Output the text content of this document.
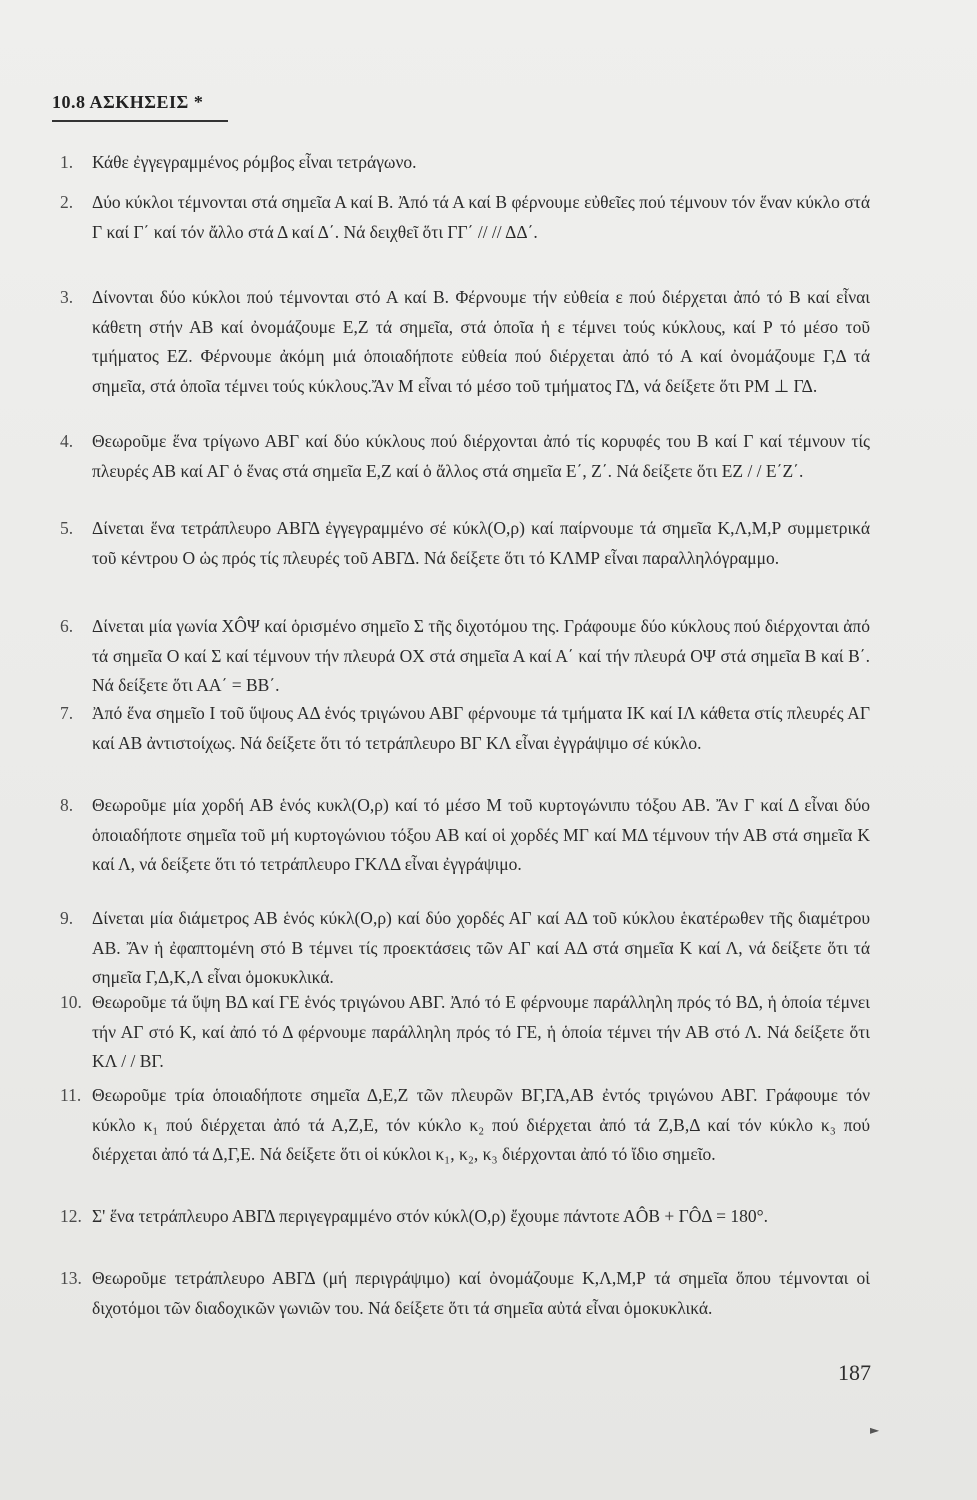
10.8 ΑΣΚΗΣΕΙΣ *
1.	Κάθε ἐγγεγραμμένος ρόμβος εἶναι τετράγωνο.
2.	Δύο κύκλοι τέμνονται στά σημεῖα Α καί Β. Ἀπό τά Α καί Β φέρνουμε εὐθεῖες πού τέμνουν τόν ἕναν κύκλο στά Γ καί Γ΄ καί τόν ἄλλο στά Δ καί Δ΄. Νά δειχθεῖ ὅτι ΓΓ΄ // // ΔΔ΄.
3.	Δίνονται δύο κύκλοι πού τέμνονται στό Α καί Β. Φέρνουμε τήν εὐθεία ε πού διέρχεται ἀπό τό Β καί εἶναι κάθετη στήν ΑΒ καί ὀνομάζουμε Ε,Ζ τά σημεῖα, στά ὁποῖα ἡ ε τέμνει τούς κύκλους, καί Ρ τό μέσο τοῦ τμήματος ΕΖ. Φέρνουμε ἀκόμη μιά ὁποιαδήποτε εὐθεία πού διέρχεται ἀπό τό Α καί ὀνομάζουμε Γ,Δ τά σημεῖα, στά ὁποῖα τέμνει τούς κύκλους.Ἄν Μ εἶναι τό μέσο τοῦ τμήματος ΓΔ, νά δείξετε ὅτι ΡΜ ⊥ ΓΔ.
4.	Θεωροῦμε ἕνα τρίγωνο ΑΒΓ καί δύο κύκλους πού διέρχονται ἀπό τίς κορυφές του Β καί Γ καί τέμνουν τίς πλευρές ΑΒ καί ΑΓ ὁ ἕνας στά σημεῖα Ε,Ζ καί ὁ ἄλλος στά σημεῖα Ε΄, Ζ΄. Νά δείξετε ὅτι ΕΖ / / Ε΄Ζ΄.
5.	Δίνεται ἕνα τετράπλευρο ΑΒΓΔ ἐγγεγραμμένο σέ κύκλ(Ο,ρ) καί παίρνουμε τά σημεῖα Κ,Λ,Μ,Ρ συμμετρικά τοῦ κέντρου Ο ὡς πρός τίς πλευρές τοῦ ΑΒΓΔ. Νά δείξετε ὅτι τό ΚΛΜΡ εἶναι παραλληλόγραμμο.
6.	Δίνεται μία γωνία ΧÔΨ καί ὁρισμένο σημεῖο Σ τῆς διχοτόμου της. Γράφουμε δύο κύκλους πού διέρχονται ἀπό τά σημεῖα Ο καί Σ καί τέμνουν τήν πλευρά ΟΧ στά σημεῖα Α καί Α΄ καί τήν πλευρά ΟΨ στά σημεῖα Β καί Β΄. Νά δείξετε ὅτι ΑΑ΄ = ΒΒ΄.
7.	Ἀπό ἕνα σημεῖο Ι τοῦ ὕψους ΑΔ ἑνός τριγώνου ΑΒΓ φέρνουμε τά τμήματα ΙΚ καί ΙΛ κάθετα στίς πλευρές ΑΓ καί ΑΒ ἀντιστοίχως. Νά δείξετε ὅτι τό τετράπλευρο ΒΓ ΚΛ εἶναι ἐγγράψιμο σέ κύκλο.
8.	Θεωροῦμε μία χορδή ΑΒ ἑνός κυκλ(Ο,ρ) καί τό μέσο Μ τοῦ κυρτογώνιπυ τόξου ΑΒ. Ἄν Γ καί Δ εἶναι δύο ὁποιαδήποτε σημεῖα τοῦ μή κυρτογώνιου τόξου ΑΒ καί οἱ χορδές ΜΓ καί ΜΔ τέμνουν τήν ΑΒ στά σημεῖα Κ καί Λ, νά δείξετε ὅτι τό τετράπλευρο ΓΚΛΔ εἶναι ἐγγράψιμο.
9.	Δίνεται μία διάμετρος ΑΒ ἑνός κύκλ(Ο,ρ) καί δύο χορδές ΑΓ καί ΑΔ τοῦ κύκλου ἑκατέρωθεν τῆς διαμέτρου ΑΒ. Ἄν ἡ ἐφαπτομένη στό Β τέμνει τίς προεκτάσεις τῶν ΑΓ καί ΑΔ στά σημεῖα Κ καί Λ, νά δείξετε ὅτι τά σημεῖα Γ,Δ,Κ,Λ εἶναι ὁμοκυκλικά.
10. Θεωροῦμε τά ὕψη ΒΔ καί ΓΕ ἑνός τριγώνου ΑΒΓ. Ἀπό τό Ε φέρνουμε παράλληλη πρός τό ΒΔ, ἡ ὁποία τέμνει τήν ΑΓ στό Κ, καί ἀπό τό Δ φέρνουμε παράλληλη πρός τό ΓΕ, ἡ ὁποία τέμνει τήν ΑΒ στό Λ. Νά δείξετε ὅτι ΚΛ / / ΒΓ.
11. Θεωροῦμε τρία ὁποιαδήποτε σημεῖα Δ,Ε,Ζ τῶν πλευρῶν ΒΓ,ΓΑ,ΑΒ ἐντός τριγώνου ΑΒΓ. Γράφουμε τόν κύκλο κ₁ πού διέρχεται ἀπό τά Α,Ζ,Ε, τόν κύκλο κ₂ πού διέρχεται ἀπό τά Ζ,Β,Δ καί τόν κύκλο κ₃ πού διέρχεται ἀπό τά Δ,Γ,Ε. Νά δείξετε ὅτι οἱ κύκλοι κ₁, κ₂, κ₃ διέρχονται ἀπό τό ἴδιο σημεῖο.
12. Σ' ἕνα τετράπλευρο ΑΒΓΔ περιγεγραμμένο στόν κύκλ(Ο,ρ) ἔχουμε πάντοτε ΑÔΒ + ΓÔΔ = 180°.
13. Θεωροῦμε τετράπλευρο ΑΒΓΔ (μή περιγράψιμο) καί ὀνομάζουμε Κ,Λ,Μ,Ρ τά σημεῖα ὅπου τέμνονται οἱ διχοτόμοι τῶν διαδοχικῶν γωνιῶν του. Νά δείξετε ὅτι τά σημεῖα αὐτά εἶναι ὁμοκυκλικά.
187
►
